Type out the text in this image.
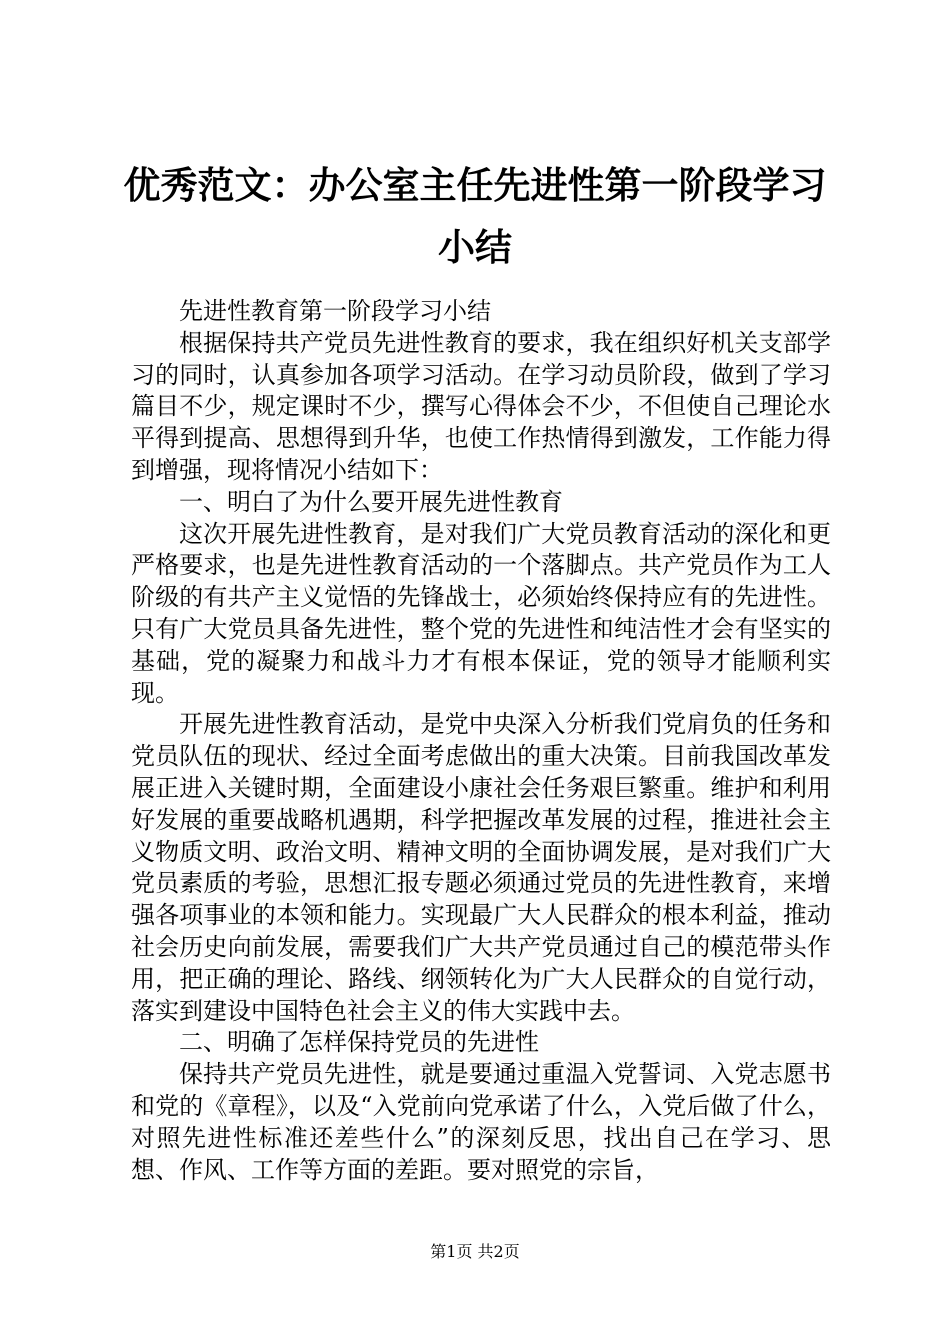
优秀范文：办公室主任先进性第一阶段学习小结

先进性教育第一阶段学习小结

根据保持共产党员先进性教育的要求，我在组织好机关支部学习的同时，认真参加各项学习活动。在学习动员阶段，做到了学习篇目不少，规定课时不少，撰写心得体会不少，不但使自己理论水平得到提高、思想得到升华，也使工作热情得到激发，工作能力得到增强，现将情况小结如下：

一、明白了为什么要开展先进性教育

这次开展先进性教育，是对我们广大党员教育活动的深化和更严格要求，也是先进性教育活动的一个落脚点。共产党员作为工人阶级的有共产主义觉悟的先锋战士，必须始终保持应有的先进性。只有广大党员具备先进性，整个党的先进性和纯洁性才会有坚实的基础，党的凝聚力和战斗力才有根本保证，党的领导才能顺利实现。

开展先进性教育活动，是党中央深入分析我们党肩负的任务和党员队伍的现状、经过全面考虑做出的重大决策。目前我国改革发展正进入关键时期，全面建设小康社会任务艰巨繁重。维护和利用好发展的重要战略机遇期，科学把握改革发展的过程，推进社会主义物质文明、政治文明、精神文明的全面协调发展，是对我们广大党员素质的考验，思想汇报专题必须通过党员的先进性教育，来增强各项事业的本领和能力。实现最广大人民群众的根本利益，推动社会历史向前发展，需要我们广大共产党员通过自己的模范带头作用，把正确的理论、路线、纲领转化为广大人民群众的自觉行动，落实到建设中国特色社会主义的伟大实践中去。

二、明确了怎样保持党员的先进性

保持共产党员先进性，就是要通过重温入党誓词、入党志愿书和党的《章程》，以及“入党前向党承诺了什么，入党后做了什么，对照先进性标准还差些什么”的深刻反思，找出自己在学习、思想、作风、工作等方面的差距。要对照党的宗旨，

第1页 共2页
